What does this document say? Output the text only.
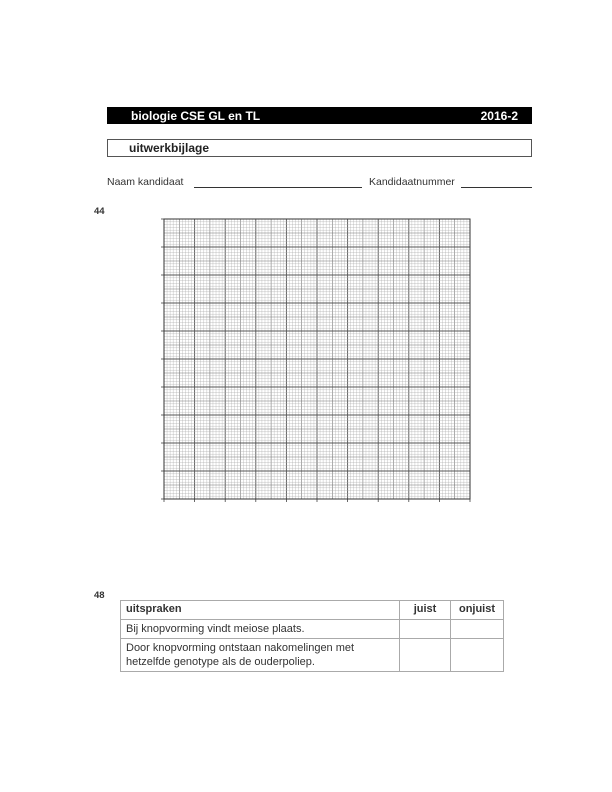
biologie CSE GL en TL	2016-2
uitwerkbijlage
Naam kandidaat	Kandidaatnummer
44
48
uitspraken	juist	onjuist
Bij knopvorming vindt meiose plaats.		
Door knopvorming ontstaan nakomelingen met hetzelfde genotype als de ouderpoliep.		
